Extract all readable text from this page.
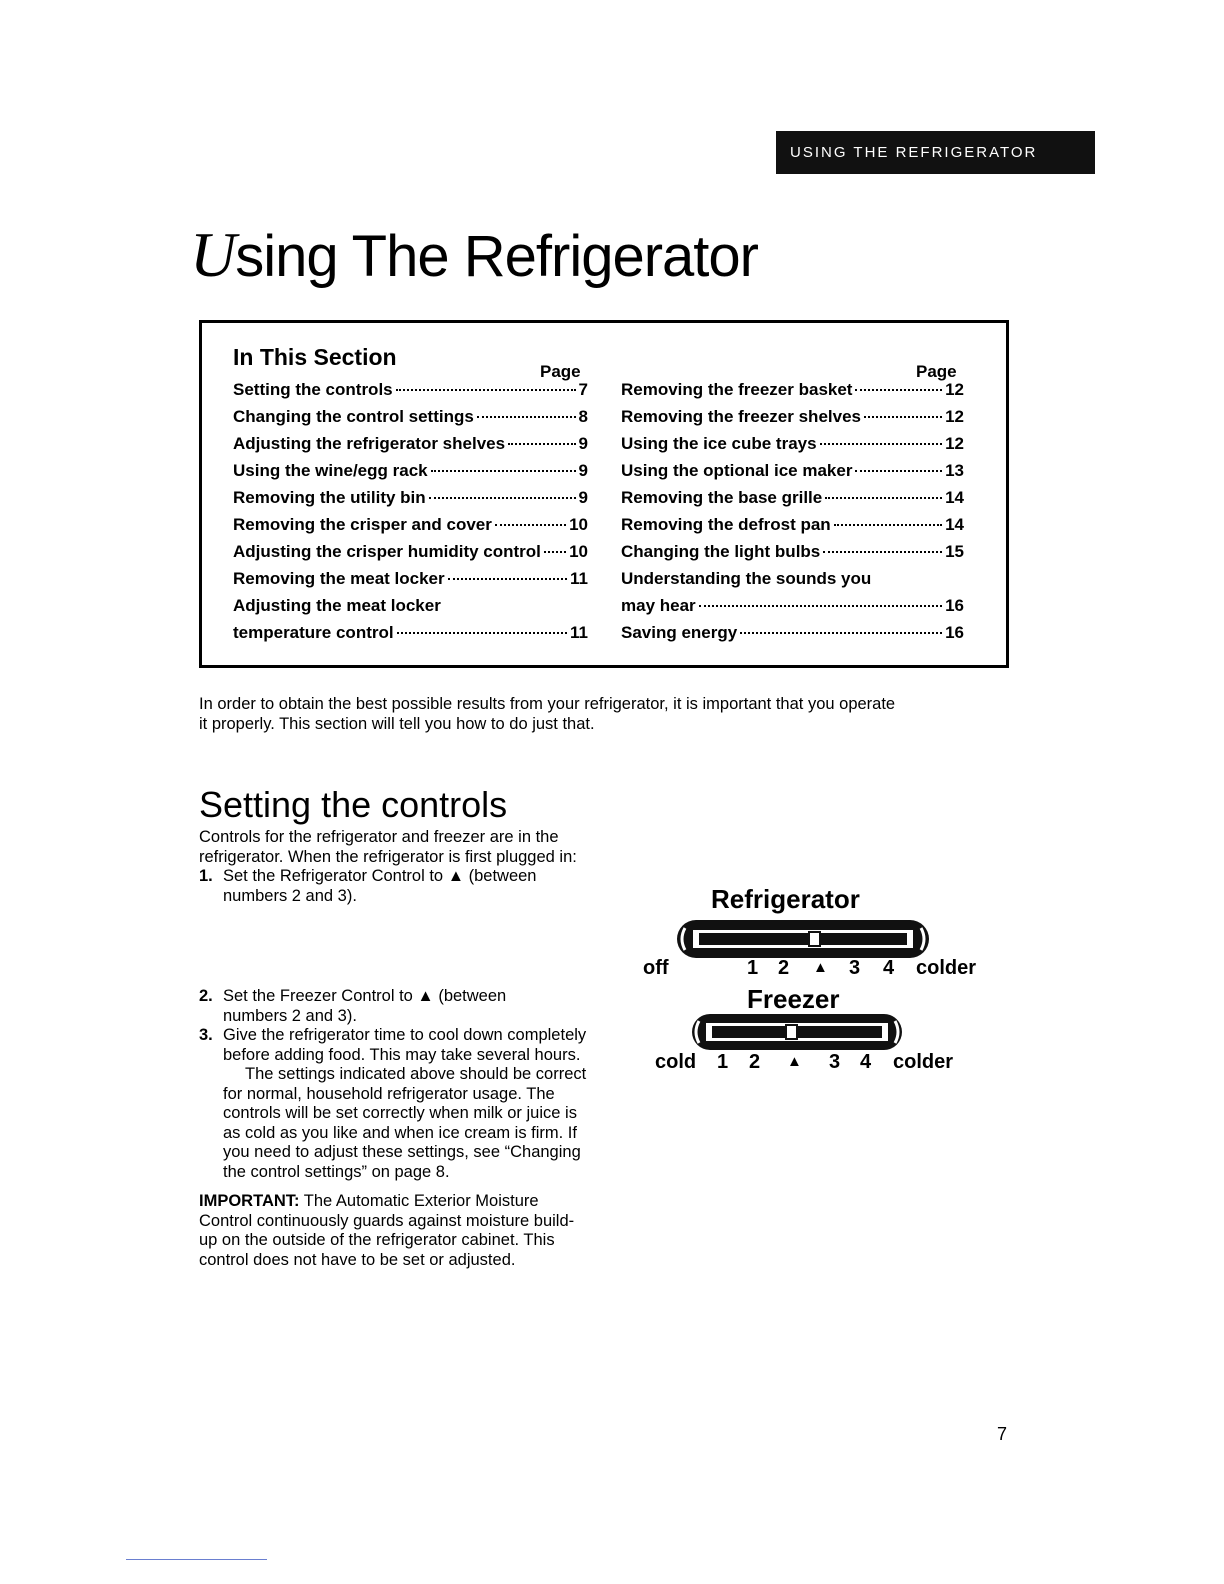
USING THE REFRIGERATOR
Using The Refrigerator
In This Section
Page	Page
Setting the controls	7
Changing the control settings	8
Adjusting the refrigerator shelves	9
Using the wine/egg rack	9
Removing the utility bin	9
Removing the crisper and cover	10
Adjusting the crisper humidity control 10
Removing the meat locker	11
Adjusting the meat locker
temperature control	11
Removing the freezer basket	12
Removing the freezer shelves	12
Using the ice cube trays	12
Using the optional ice maker	13
Removing the base grille	14
Removing the defrost pan	14
Changing the light bulbs	15
Understanding the sounds you
may hear	16
Saving energy	16
In order to obtain the best possible results from your refrigerator, it is important that you operate
it properly. This section will tell you how to do just that.
Setting the controls
Controls for the refrigerator and freezer are in the refrigerator. When the refrigerator is first plugged in:
1. Set the Refrigerator Control to ▲ (between numbers 2 and 3).
2. Set the Freezer Control to ▲ (between numbers 2 and 3).
3. Give the refrigerator time to cool down completely before adding food. This may take several hours.
The settings indicated above should be correct for normal, household refrigerator usage. The controls will be set correctly when milk or juice is as cold as you like and when ice cream is firm. If you need to adjust these settings, see “Changing the control settings” on page 8.
IMPORTANT: The Automatic Exterior Moisture Control continuously guards against moisture build-up on the outside of the refrigerator cabinet. This control does not have to be set or adjusted.
Refrigerator
off	1 2 ▲ 3 4 colder
Freezer
cold 1 2 ▲ 3 4 colder
7
